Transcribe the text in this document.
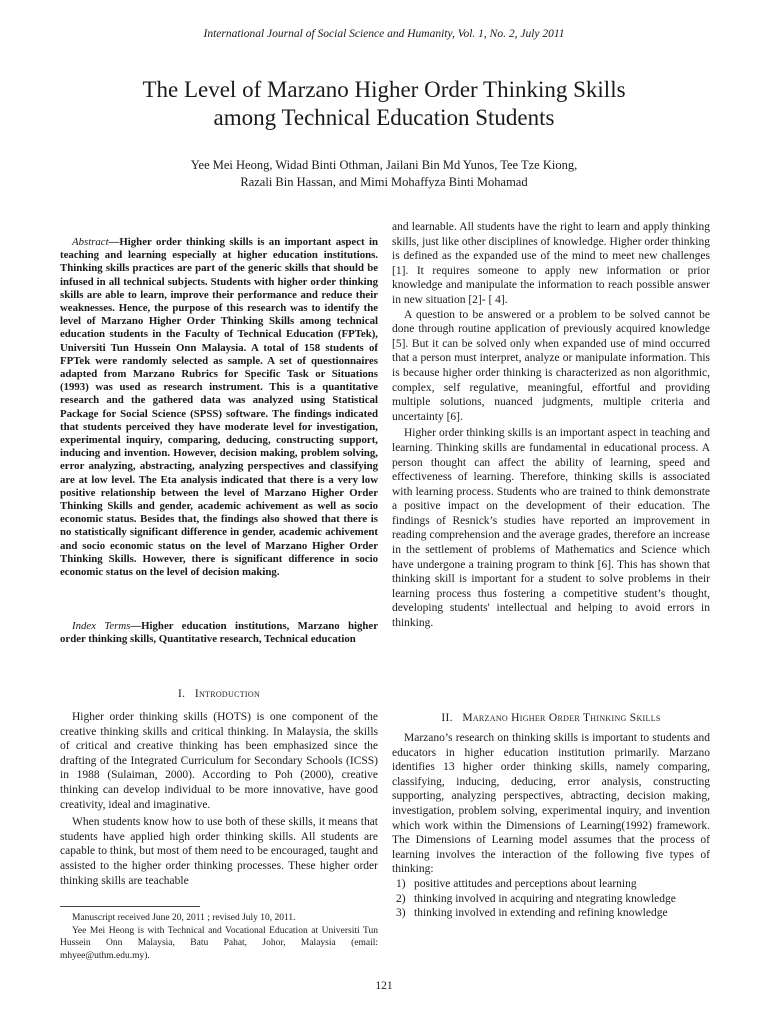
International Journal of Social Science and Humanity, Vol. 1, No. 2, July 2011
The Level of Marzano Higher Order Thinking Skills
among Technical Education Students
Yee Mei Heong, Widad Binti Othman, Jailani Bin Md Yunos, Tee Tze Kiong,
Razali Bin Hassan, and Mimi Mohaffyza Binti Mohamad

Abstract—Higher order thinking skills is an important aspect in teaching and learning especially at higher education institutions. Thinking skills practices are part of the generic skills that should be infused in all technical subjects. Students with higher order thinking skills are able to learn, improve their performance and reduce their weaknesses. Hence, the purpose of this research was to identify the level of Marzano Higher Order Thinking Skills among technical education students in the Faculty of Technical Education (FPTek), Universiti Tun Hussein Onn Malaysia. A total of 158 students of FPTek were randomly selected as sample. A set of questionnaires adapted from Marzano Rubrics for Specific Task or Situations (1993) was used as research instrument. This is a quantitative research and the gathered data was analyzed using Statistical Package for Social Science (SPSS) software. The findings indicated that students perceived they have moderate level for investigation, experimental inquiry, comparing, deducing, constructing support, inducing and invention. However, decision making, problem solving, error analyzing, abstracting, analyzing perspectives and classifying are at low level. The Eta analysis indicated that there is a very low positive relationship between the level of Marzano Higher Order Thinking Skills and gender, academic achivement as well as socio economic status. Besides that, the findings also showed that there is no statistically significant difference in gender, academic achivement and socio economic status on the level of Marzano Higher Order Thinking Skills. However, there is significant difference in socio economic status on the level of decision making.

Index Terms—Higher education institutions, Marzano higher order thinking skills, Quantitative research, Technical education

I. Introduction

Higher order thinking skills (HOTS) is one component of the creative thinking skills and critical thinking. In Malaysia, the skills of critical and creative thinking has been emphasized since the drafting of the Integrated Curriculum for Secondary Schools (ICSS) in 1988 (Sulaiman, 2000). According to Poh (2000), creative thinking can develop individual to be more innovative, have good creativity, ideal and imaginative.

When students know how to use both of these skills, it means that students have applied high order thinking skills. All students are capable to think, but most of them need to be encouraged, taught and assisted to the higher order thinking processes. These higher order thinking skills are teachable

Manuscript received June 20, 2011 ; revised July 10, 2011.

Yee Mei Heong is with Technical and Vocational Education at Universiti Tun Hussein Onn Malaysia, Batu Pahat, Johor, Malaysia (email: mhyee@uthm.edu.my).

and learnable. All students have the right to learn and apply thinking skills, just like other disciplines of knowledge. Higher order thinking is defined as the expanded use of the mind to meet new challenges [1]. It requires someone to apply new information or prior knowledge and manipulate the information to reach possible answer in new situation [2]- [ 4].

A question to be answered or a problem to be solved cannot be done through routine application of previously acquired knowledge [5]. But it can be solved only when expanded use of mind occurred that a person must interpret, analyze or manipulate information. This is because higher order thinking is characterized as non algorithmic, complex, self regulative, meaningful, effortful and providing multiple solutions, nuanced judgments, multiple criteria and uncertainty [6].

Higher order thinking skills is an important aspect in teaching and learning. Thinking skills are fundamental in educational process. A person thought can affect the ability of learning, speed and effectiveness of learning. Therefore, thinking skills is associated with learning process. Students who are trained to think demonstrate a positive impact on the development of their education. The findings of Resnick’s studies have reported an improvement in reading comprehension and the average grades, therefore an increase in the settlement of problems of Mathematics and Science which have undergone a training program to think [6]. This has shown that thinking skill is important for a student to solve problems in their learning process thus fostering a competitive student’s thought, developing students' intellectual and helping to avoid errors in thinking.

II. Marzano Higher Order Thinking Skills

Marzano’s research on thinking skills is important to students and educators in higher education institution primarily. Marzano identifies 13 higher order thinking skills, namely comparing, classifying, inducing, deducing, error analysis, constructing supporting, analyzing perspectives, abtracting, decision making, investigation, problem solving, experimental inquiry, and invention which work within the Dimensions of Learning(1992) framework. The Dimensions of Learning model assumes that the process of learning involves the interaction of the following five types of thinking:

1) positive attitudes and perceptions about learning
2) thinking involved in acquiring and ntegrating knowledge
3) thinking involved in extending and refining knowledge
121
